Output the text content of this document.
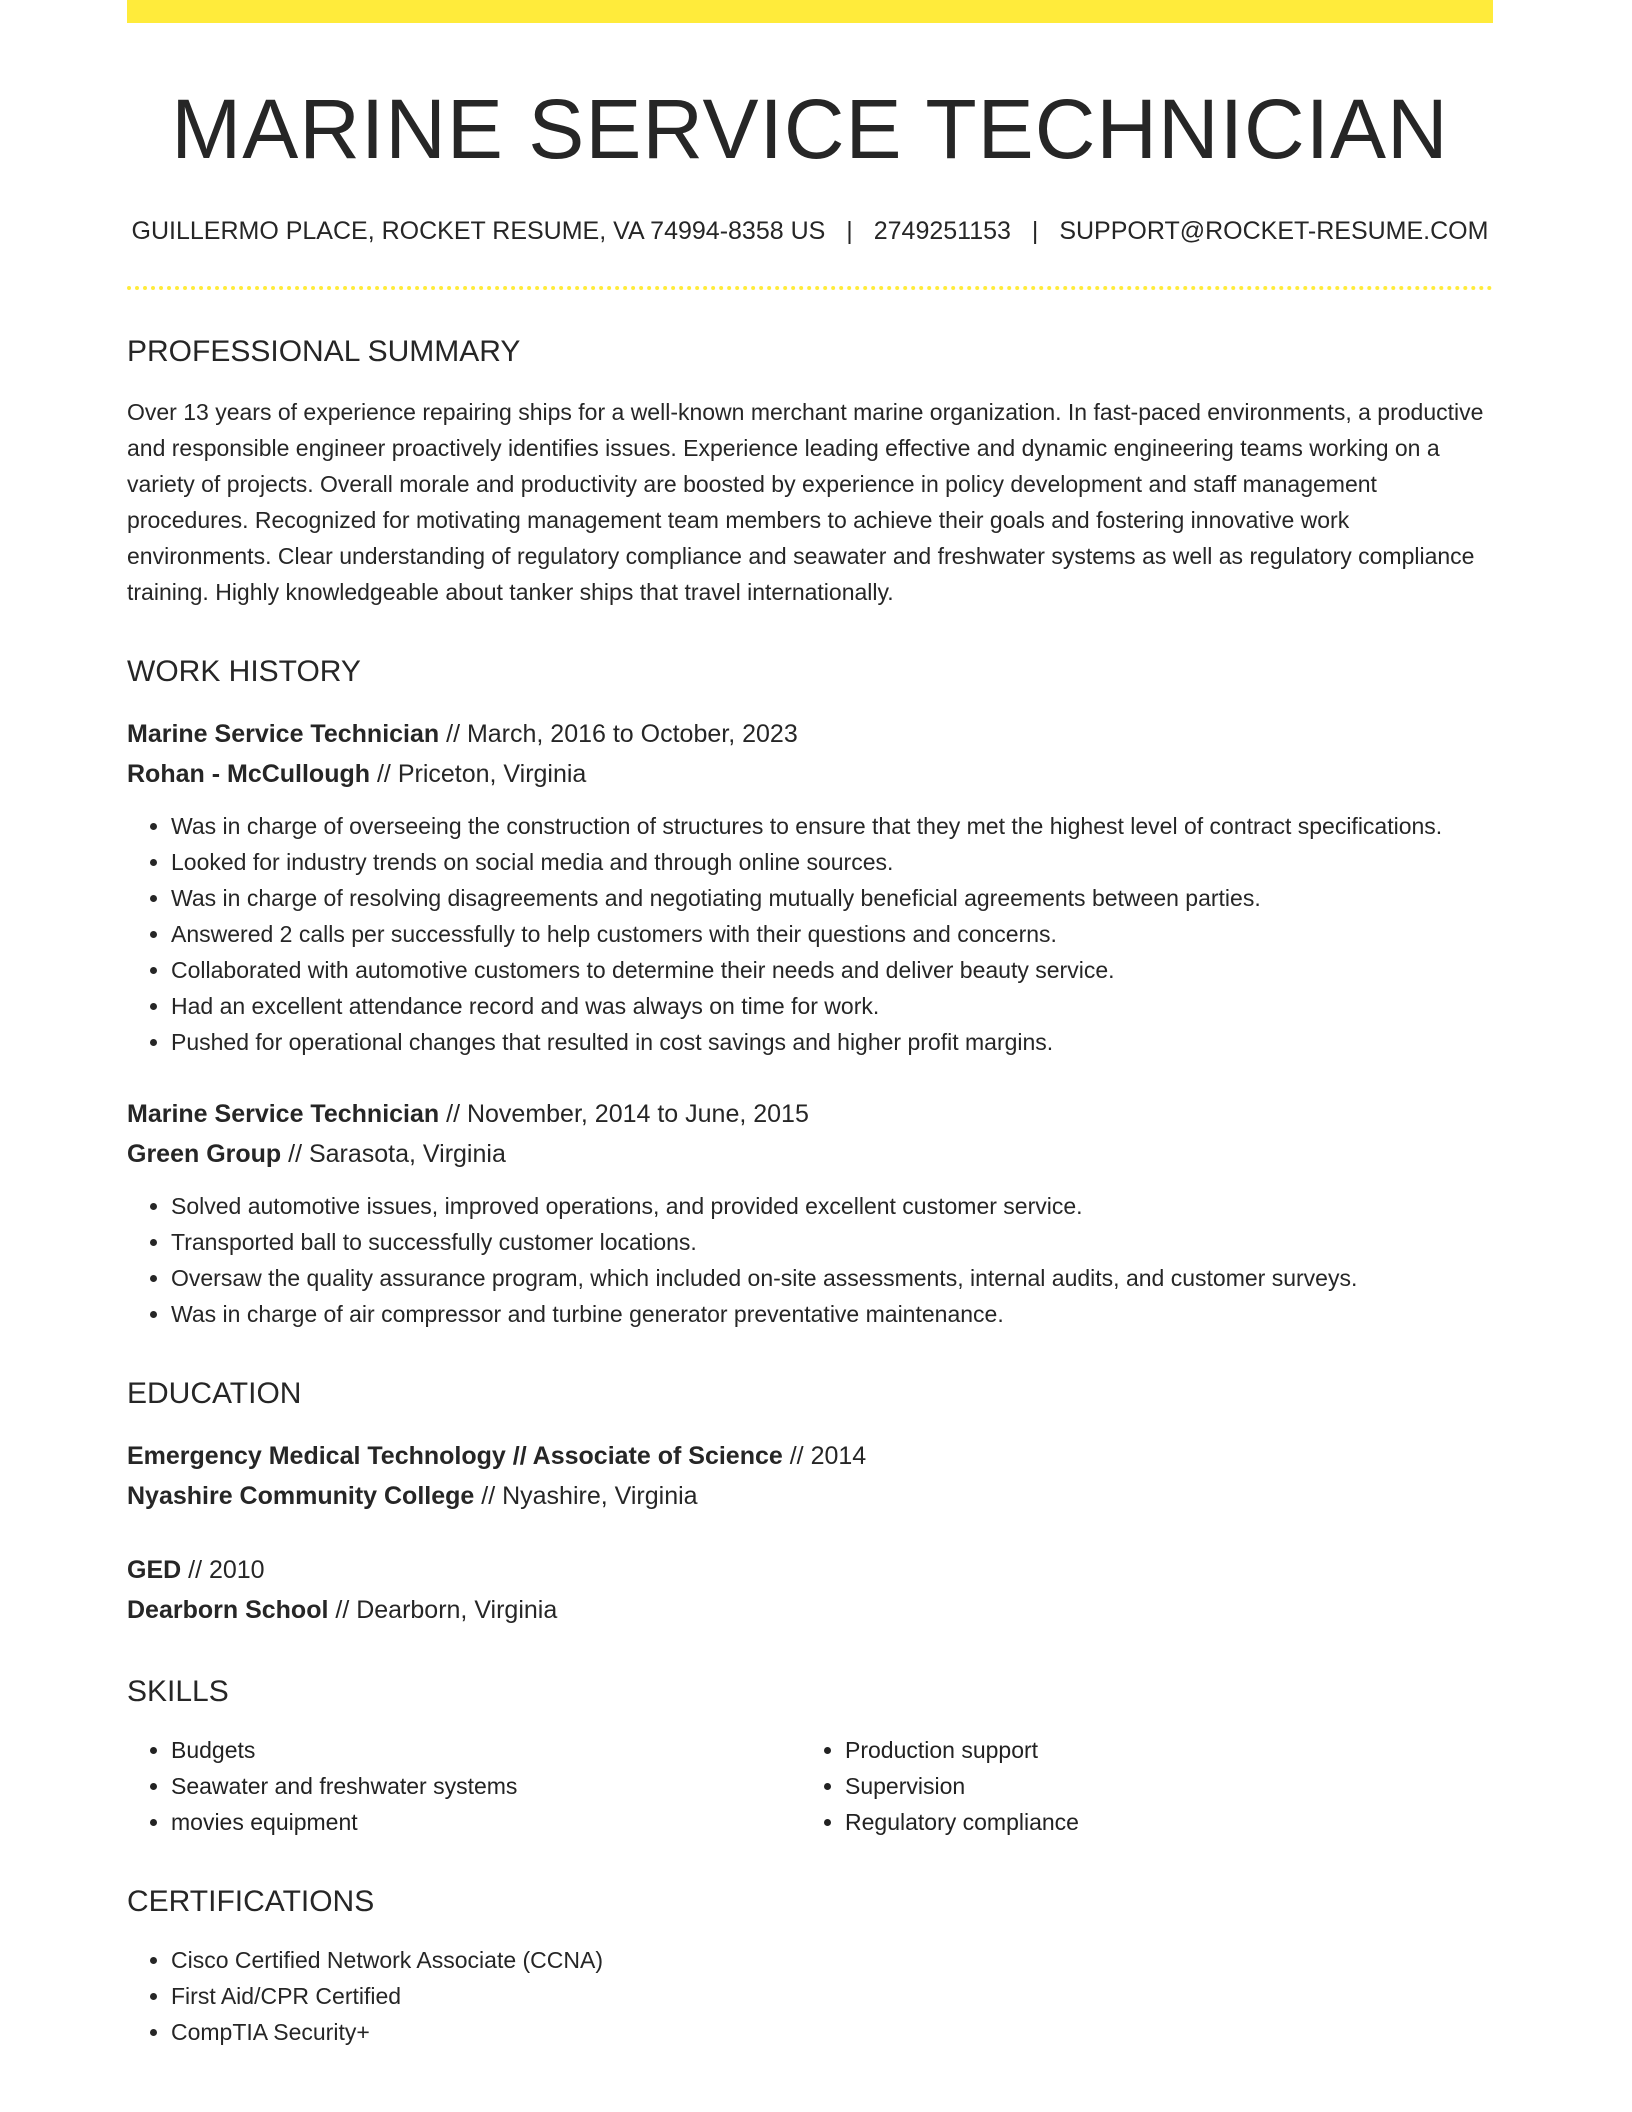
MARINE SERVICE TECHNICIAN
GUILLERMO PLACE, ROCKET RESUME, VA 74994-8358 US | 2749251153 | SUPPORT@ROCKET-RESUME.COM
PROFESSIONAL SUMMARY
Over 13 years of experience repairing ships for a well-known merchant marine organization. In fast-paced environments, a productive and responsible engineer proactively identifies issues. Experience leading effective and dynamic engineering teams working on a variety of projects. Overall morale and productivity are boosted by experience in policy development and staff management procedures. Recognized for motivating management team members to achieve their goals and fostering innovative work environments. Clear understanding of regulatory compliance and seawater and freshwater systems as well as regulatory compliance training. Highly knowledgeable about tanker ships that travel internationally.
WORK HISTORY
Marine Service Technician // March, 2016 to October, 2023
Rohan - McCullough // Priceton, Virginia
• Was in charge of overseeing the construction of structures to ensure that they met the highest level of contract specifications.
• Looked for industry trends on social media and through online sources.
• Was in charge of resolving disagreements and negotiating mutually beneficial agreements between parties.
• Answered 2 calls per successfully to help customers with their questions and concerns.
• Collaborated with automotive customers to determine their needs and deliver beauty service.
• Had an excellent attendance record and was always on time for work.
• Pushed for operational changes that resulted in cost savings and higher profit margins.
Marine Service Technician // November, 2014 to June, 2015
Green Group // Sarasota, Virginia
• Solved automotive issues, improved operations, and provided excellent customer service.
• Transported ball to successfully customer locations.
• Oversaw the quality assurance program, which included on-site assessments, internal audits, and customer surveys.
• Was in charge of air compressor and turbine generator preventative maintenance.
EDUCATION
Emergency Medical Technology // Associate of Science // 2014
Nyashire Community College // Nyashire, Virginia
GED // 2010
Dearborn School // Dearborn, Virginia
SKILLS
• Budgets
• Seawater and freshwater systems
• movies equipment
• Production support
• Supervision
• Regulatory compliance
CERTIFICATIONS
• Cisco Certified Network Associate (CCNA)
• First Aid/CPR Certified
• CompTIA Security+
